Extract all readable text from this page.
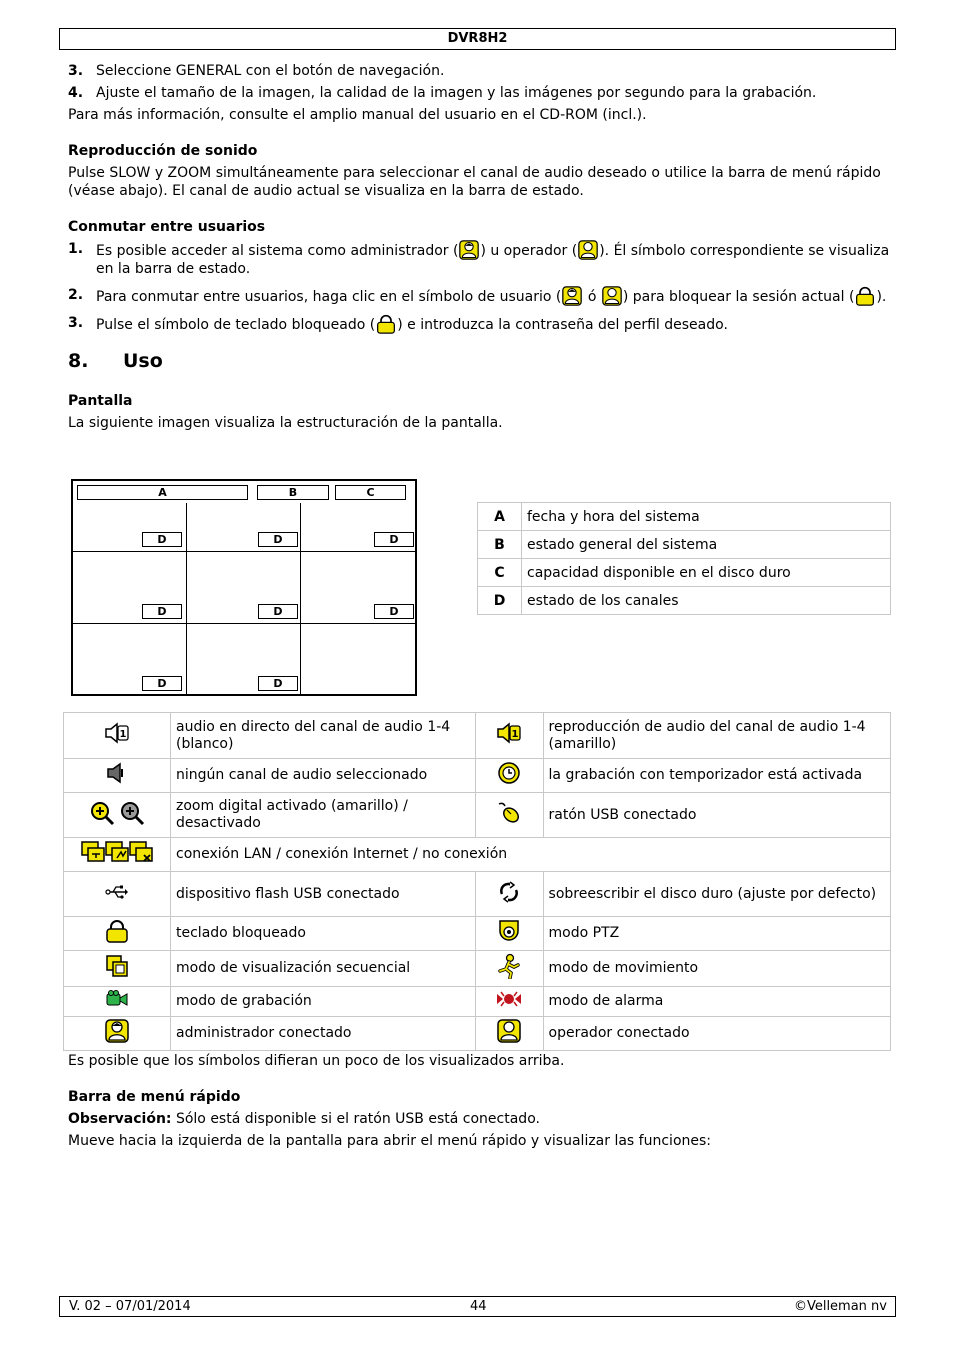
DVR8H2
3. Seleccione GENERAL con el botón de navegación.
4. Ajuste el tamaño de la imagen, la calidad de la imagen y las imágenes por segundo para la grabación.

Para más información, consulte el amplio manual del usuario en el CD-ROM (incl.).

Reproducción de sonido

Pulse SLOW y ZOOM simultáneamente para seleccionar el canal de audio deseado o utilice la barra de menú rápido (véase abajo). El canal de audio actual se visualiza en la barra de estado.

Conmutar entre usuarios
1. Es posible acceder al sistema como administrador ( ) u operador ( ). Él símbolo correspondiente se visualiza en la barra de estado.
2. Para conmutar entre usuarios, haga clic en el símbolo de usuario ( ó ) para bloquear la sesión actual ( ).
3. Pulse el símbolo de teclado bloqueado ( ) e introduzca la contraseña del perfil deseado.
8.	Uso
Pantalla

La siguiente imagen visualiza la estructuración de la pantalla.

A	B	C
D	D	D
D	D	D
D	D
A	fecha y hora del sistema
B	estado general del sistema
C	capacidad disponible en el disco duro
D	estado de los canales
1	audio en directo del canal de audio 1-4 (blanco)	1	reproducción de audio del canal de audio 1-4 (amarillo)
	ningún canal de audio seleccionado		la grabación con temporizador está activada
	zoom digital activado (amarillo) / desactivado		ratón USB conectado
	conexión LAN / conexión Internet / no conexión		
	dispositivo flash USB conectado		sobreescribir el disco duro (ajuste por defecto)
	teclado bloqueado		modo PTZ
	modo de visualización secuencial		modo de movimiento
	modo de grabación		modo de alarma
	administrador conectado		operador conectado

Es posible que los símbolos difieran un poco de los visualizados arriba.

Barra de menú rápido

Observación: Sólo está disponible si el ratón USB está conectado.

Mueve hacia la izquierda de la pantalla para abrir el menú rápido y visualizar las funciones:

V. 02 – 07/01/2014	44	©Velleman nv
